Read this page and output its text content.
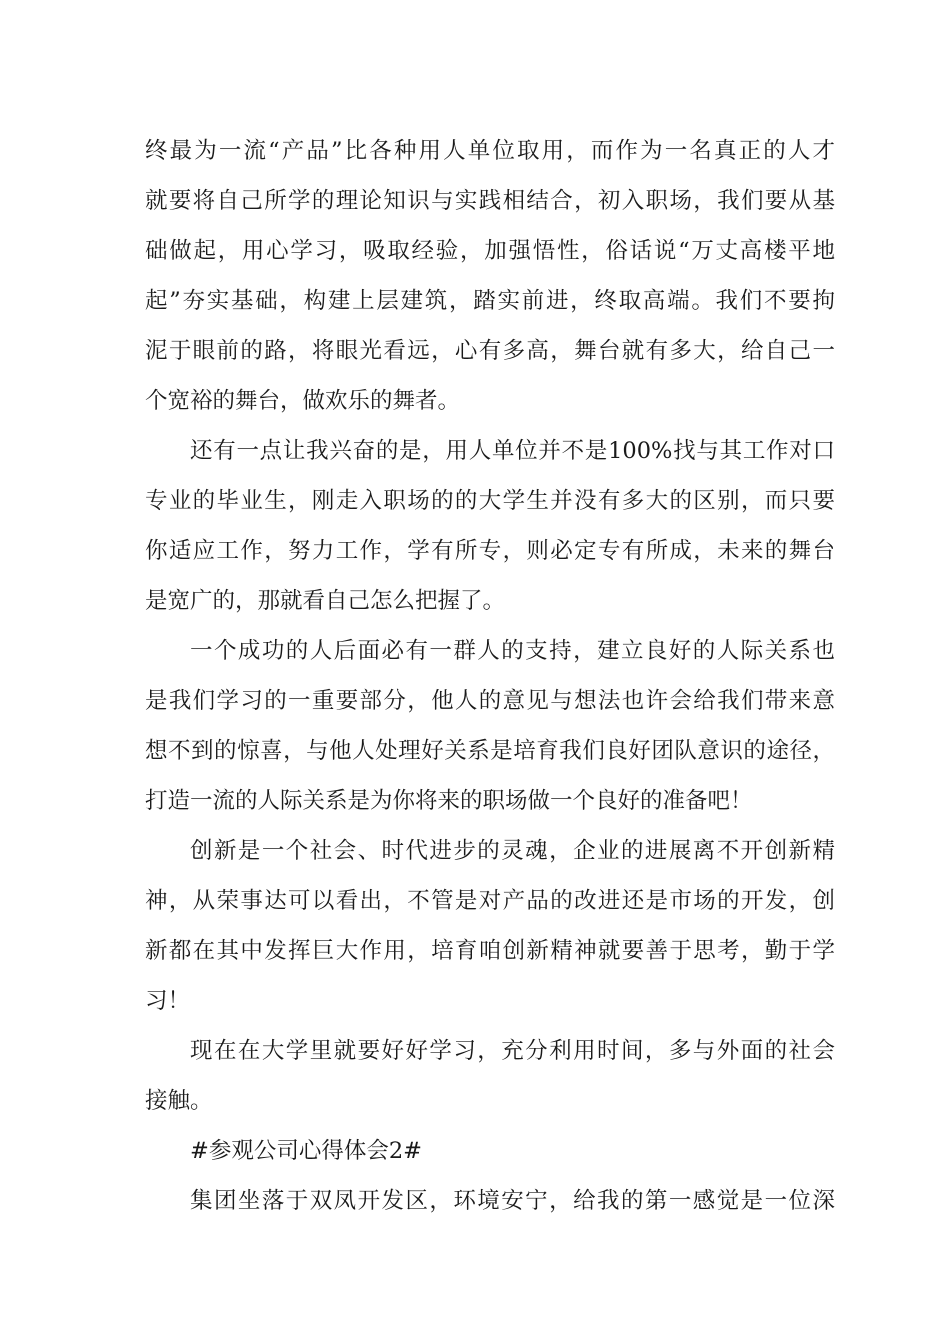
终最为一流“产品”比各种用人单位取用，而作为一名真正的人才
就要将自己所学的理论知识与实践相结合，初入职场，我们要从基
础做起，用心学习，吸取经验，加强悟性，俗话说“万丈高楼平地
起”夯实基础，构建上层建筑，踏实前进，终取高端。我们不要拘
泥于眼前的路，将眼光看远，心有多高，舞台就有多大，给自己一
个宽裕的舞台，做欢乐的舞者。
还有一点让我兴奋的是，用人单位并不是100%找与其工作对口
专业的毕业生，刚走入职场的的大学生并没有多大的区别，而只要
你适应工作，努力工作，学有所专，则必定专有所成，未来的舞台
是宽广的，那就看自己怎么把握了。
一个成功的人后面必有一群人的支持，建立良好的人际关系也
是我们学习的一重要部分，他人的意见与想法也许会给我们带来意
想不到的惊喜，与他人处理好关系是培育我们良好团队意识的途径，
打造一流的人际关系是为你将来的职场做一个良好的准备吧！
创新是一个社会、时代进步的灵魂，企业的进展离不开创新精
神，从荣事达可以看出，不管是对产品的改进还是市场的开发，创
新都在其中发挥巨大作用，培育咱创新精神就要善于思考，勤于学
习！
现在在大学里就要好好学习，充分利用时间，多与外面的社会
接触。
#参观公司心得体会2#
集团坐落于双凤开发区，环境安宁，给我的第一感觉是一位深
